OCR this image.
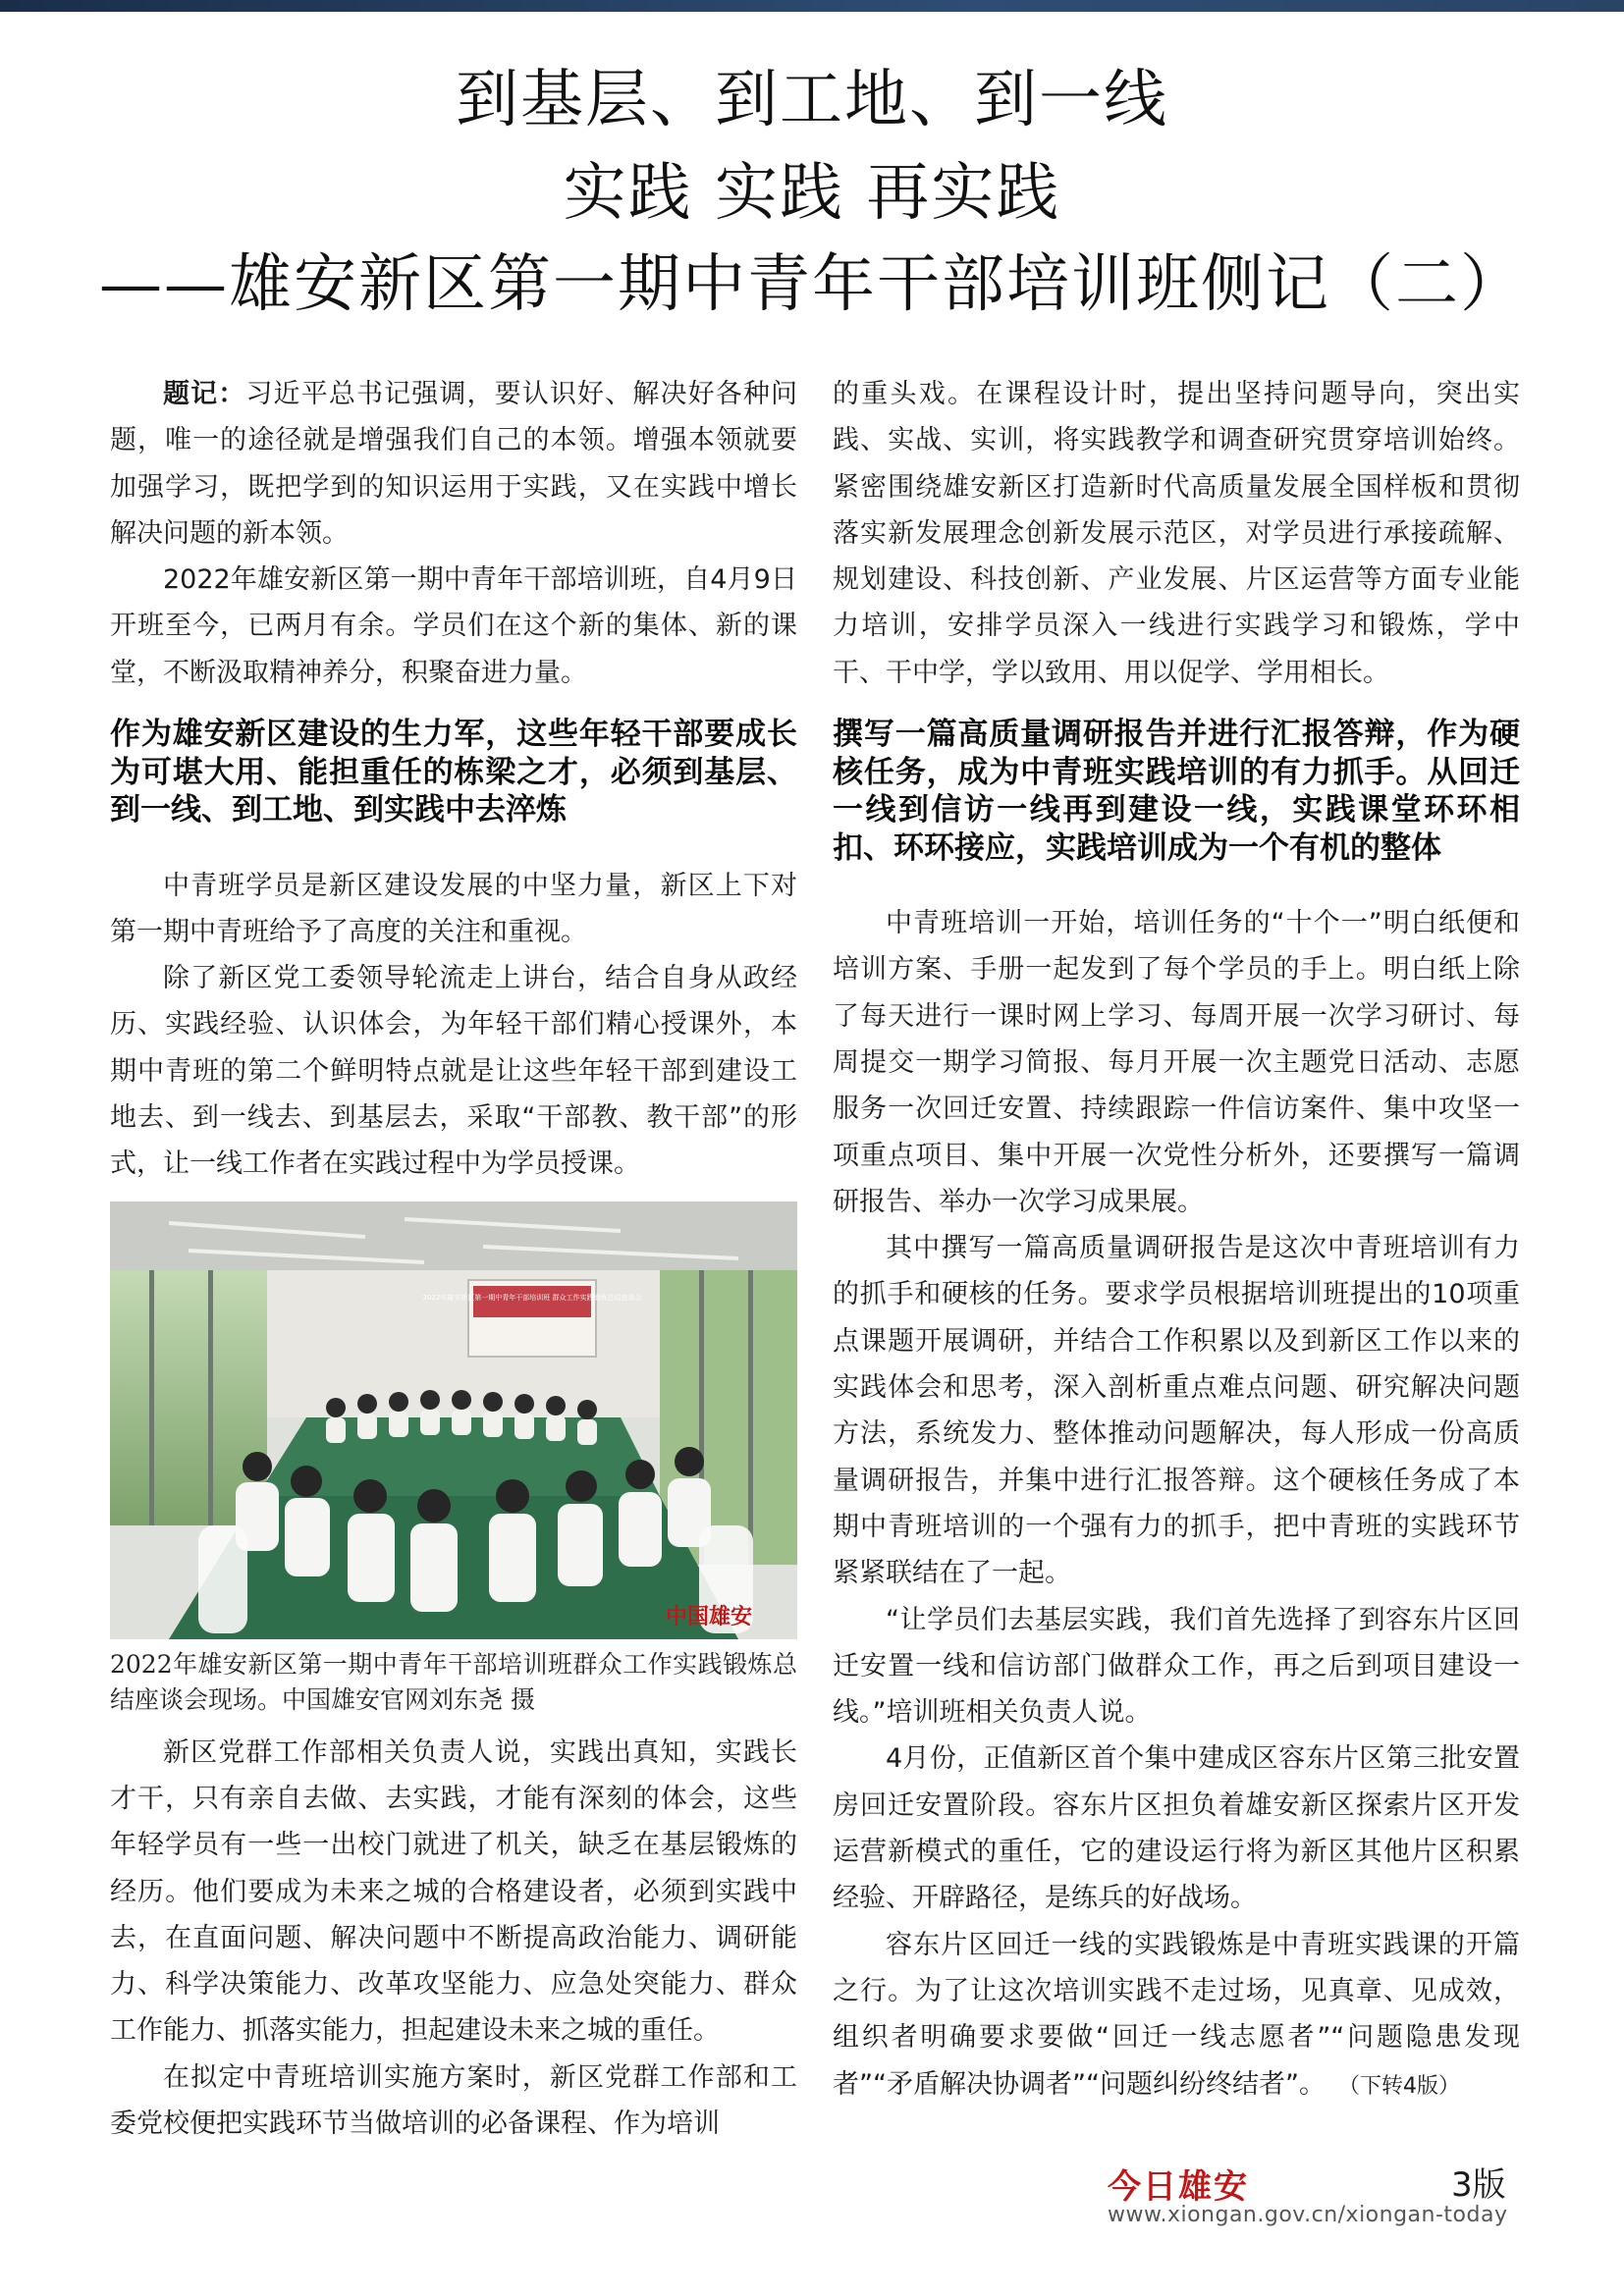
到基层、到工地、到一线
实践 实践 再实践
——雄安新区第一期中青年干部培训班侧记（二）

题记：习近平总书记强调，要认识好、解决好各种问题，唯一的途径就是增强我们自己的本领。增强本领就要加强学习，既把学到的知识运用于实践，又在实践中增长解决问题的新本领。

2022年雄安新区第一期中青年干部培训班，自4月9日开班至今，已两月有余。学员们在这个新的集体、新的课堂，不断汲取精神养分，积聚奋进力量。

作为雄安新区建设的生力军，这些年轻干部要成长为可堪大用、能担重任的栋梁之才，必须到基层、到一线、到工地、到实践中去淬炼

中青班学员是新区建设发展的中坚力量，新区上下对第一期中青班给予了高度的关注和重视。

除了新区党工委领导轮流走上讲台，结合自身从政经历、实践经验、认识体会，为年轻干部们精心授课外，本期中青班的第二个鲜明特点就是让这些年轻干部到建设工地去、到一线去、到基层去，采取“干部教、教干部”的形式，让一线工作者在实践过程中为学员授课。

2022年雄安新区第一期中青年干部培训班 群众工作实践锻炼总结座谈会
中国雄安

2022年雄安新区第一期中青年干部培训班群众工作实践锻炼总结座谈会现场。中国雄安官网刘东尧 摄

新区党群工作部相关负责人说，实践出真知，实践长才干，只有亲自去做、去实践，才能有深刻的体会，这些年轻学员有一些一出校门就进了机关，缺乏在基层锻炼的经历。他们要成为未来之城的合格建设者，必须到实践中去，在直面问题、解决问题中不断提高政治能力、调研能力、科学决策能力、改革攻坚能力、应急处突能力、群众工作能力、抓落实能力，担起建设未来之城的重任。

在拟定中青班培训实施方案时，新区党群工作部和工委党校便把实践环节当做培训的必备课程、作为培训

的重头戏。在课程设计时，提出坚持问题导向，突出实践、实战、实训，将实践教学和调查研究贯穿培训始终。紧密围绕雄安新区打造新时代高质量发展全国样板和贯彻落实新发展理念创新发展示范区，对学员进行承接疏解、规划建设、科技创新、产业发展、片区运营等方面专业能力培训，安排学员深入一线进行实践学习和锻炼，学中干、干中学，学以致用、用以促学、学用相长。

撰写一篇高质量调研报告并进行汇报答辩，作为硬核任务，成为中青班实践培训的有力抓手。从回迁一线到信访一线再到建设一线，实践课堂环环相扣、环环接应，实践培训成为一个有机的整体

中青班培训一开始，培训任务的“十个一”明白纸便和培训方案、手册一起发到了每个学员的手上。明白纸上除了每天进行一课时网上学习、每周开展一次学习研讨、每周提交一期学习简报、每月开展一次主题党日活动、志愿服务一次回迁安置、持续跟踪一件信访案件、集中攻坚一项重点项目、集中开展一次党性分析外，还要撰写一篇调研报告、举办一次学习成果展。

其中撰写一篇高质量调研报告是这次中青班培训有力的抓手和硬核的任务。要求学员根据培训班提出的10项重点课题开展调研，并结合工作积累以及到新区工作以来的实践体会和思考，深入剖析重点难点问题、研究解决问题方法，系统发力、整体推动问题解决，每人形成一份高质量调研报告，并集中进行汇报答辩。这个硬核任务成了本期中青班培训的一个强有力的抓手，把中青班的实践环节紧紧联结在了一起。

“让学员们去基层实践，我们首先选择了到容东片区回迁安置一线和信访部门做群众工作，再之后到项目建设一线。”培训班相关负责人说。

4月份，正值新区首个集中建成区容东片区第三批安置房回迁安置阶段。容东片区担负着雄安新区探索片区开发运营新模式的重任，它的建设运行将为新区其他片区积累经验、开辟路径，是练兵的好战场。

容东片区回迁一线的实践锻炼是中青班实践课的开篇之行。为了让这次培训实践不走过场，见真章、见成效，组织者明确要求要做“回迁一线志愿者”“问题隐患发现者”“矛盾解决协调者”“问题纠纷终结者”。 （下转4版）

今日雄安	3版
www.xiongan.gov.cn/xiongan-today
